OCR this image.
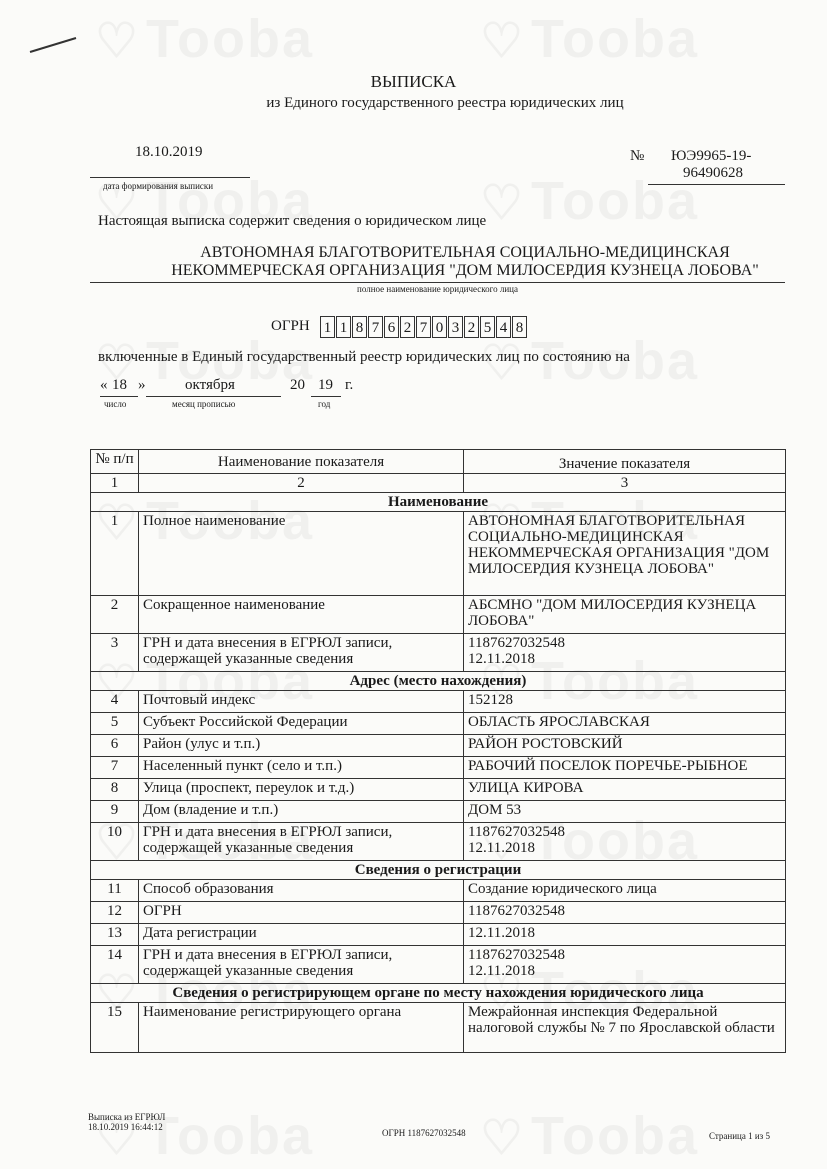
ВЫПИСКА
из Единого государственного реестра юридических лиц
18.10.2019
дата формирования выписки
№ ЮЭ9965-19-
96490628
Настоящая выписка содержит сведения о юридическом лице
АВТОНОМНАЯ БЛАГОТВОРИТЕЛЬНАЯ СОЦИАЛЬНО-МЕДИЦИНСКАЯ
НЕКОММЕРЧЕСКАЯ ОРГАНИЗАЦИЯ "ДОМ МИЛОСЕРДИЯ КУЗНЕЦА ЛОБОВА"
полное наименование юридического лица
ОГРН 1 1 8 7 6 2 7 0 3 2 5 4 8
включенные в Единый государственный реестр юридических лиц по состоянию на
« 18 »	октября	20 19 г.
число	месяц прописью	год
№ п/п	Наименование показателя	Значение показателя
1	2	3
Наименование		
1	Полное наименование	АВТОНОМНАЯ БЛАГОТВОРИТЕЛЬНАЯ СОЦИАЛЬНО-МЕДИЦИНСКАЯ НЕКОММЕРЧЕСКАЯ ОРГАНИЗАЦИЯ "ДОМ МИЛОСЕРДИЯ КУЗНЕЦА ЛОБОВА"
2	Сокращенное наименование	АБСМНО "ДОМ МИЛОСЕРДИЯ КУЗНЕЦА ЛОБОВА"
3	ГРН и дата внесения в ЕГРЮЛ записи, содержащей указанные сведения	1187627032548
12.11.2018
Адрес (место нахождения)		
4	Почтовый индекс	152128
5	Субъект Российской Федерации	ОБЛАСТЬ ЯРОСЛАВСКАЯ
6	Район (улус и т.п.)	РАЙОН РОСТОВСКИЙ
7	Населенный пункт (село и т.п.)	РАБОЧИЙ ПОСЕЛОК ПОРЕЧЬЕ-РЫБНОЕ
8	Улица (проспект, переулок и т.д.)	УЛИЦА КИРОВА
9	Дом (владение и т.п.)	ДОМ 53
10	ГРН и дата внесения в ЕГРЮЛ записи, содержащей указанные сведения	1187627032548
12.11.2018
Сведения о регистрации		
11	Способ образования	Создание юридического лица
12	ОГРН	1187627032548
13	Дата регистрации	12.11.2018
14	ГРН и дата внесения в ЕГРЮЛ записи, содержащей указанные сведения	1187627032548
12.11.2018
Сведения о регистрирующем органе по месту нахождения юридического лица		
15	Наименование регистрирующего органа	Межрайонная инспекция Федеральной налоговой службы № 7 по Ярославской области
Выписка из ЕГРЮЛ
18.10.2019 16:44:12
ОГРН 1187627032548	Страница 1 из 5
